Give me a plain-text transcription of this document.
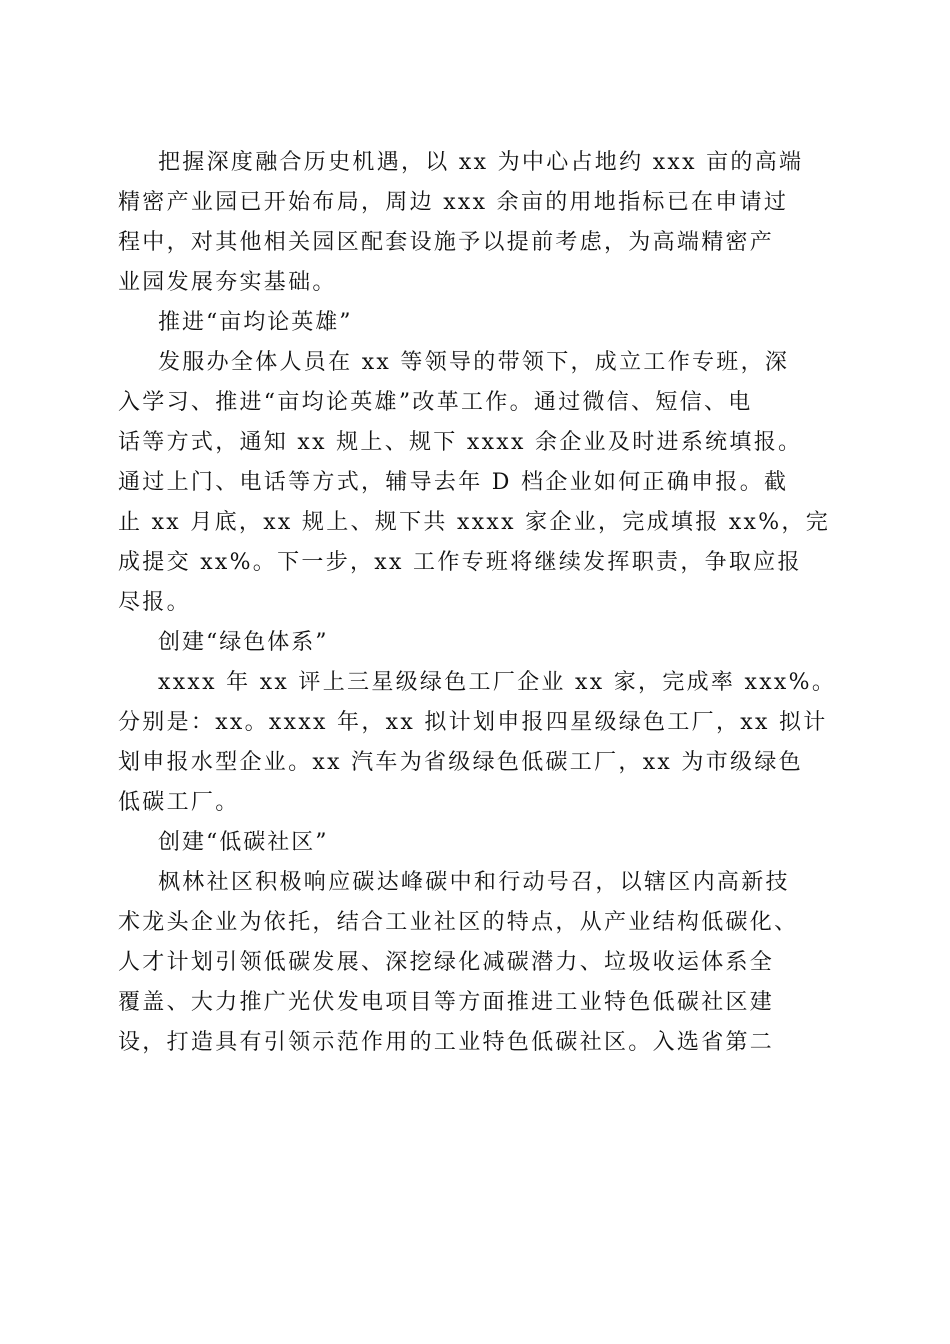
把握深度融合历史机遇，以 xx 为中心占地约 xxx 亩的高端
精密产业园已开始布局，周边 xxx 余亩的用地指标已在申请过
程中，对其他相关园区配套设施予以提前考虑，为高端精密产
业园发展夯实基础。
推进“亩均论英雄”
发服办全体人员在 xx 等领导的带领下，成立工作专班，深
入学习、推进“亩均论英雄”改革工作。通过微信、短信、电
话等方式，通知 xx 规上、规下 xxxx 余企业及时进系统填报。
通过上门、电话等方式，辅导去年 D 档企业如何正确申报。截
止 xx 月底，xx 规上、规下共 xxxx 家企业，完成填报 xx%，完
成提交 xx%。下一步，xx 工作专班将继续发挥职责，争取应报
尽报。
创建“绿色体系”
xxxx 年 xx 评上三星级绿色工厂企业 xx 家，完成率 xxx%。
分别是：xx。xxxx 年，xx 拟计划申报四星级绿色工厂，xx 拟计
划申报水型企业。xx 汽车为省级绿色低碳工厂，xx 为市级绿色
低碳工厂。
创建“低碳社区”
枫林社区积极响应碳达峰碳中和行动号召，以辖区内高新技
术龙头企业为依托，结合工业社区的特点，从产业结构低碳化、
人才计划引领低碳发展、深挖绿化减碳潜力、垃圾收运体系全
覆盖、大力推广光伏发电项目等方面推进工业特色低碳社区建
设，打造具有引领示范作用的工业特色低碳社区。入选省第二
